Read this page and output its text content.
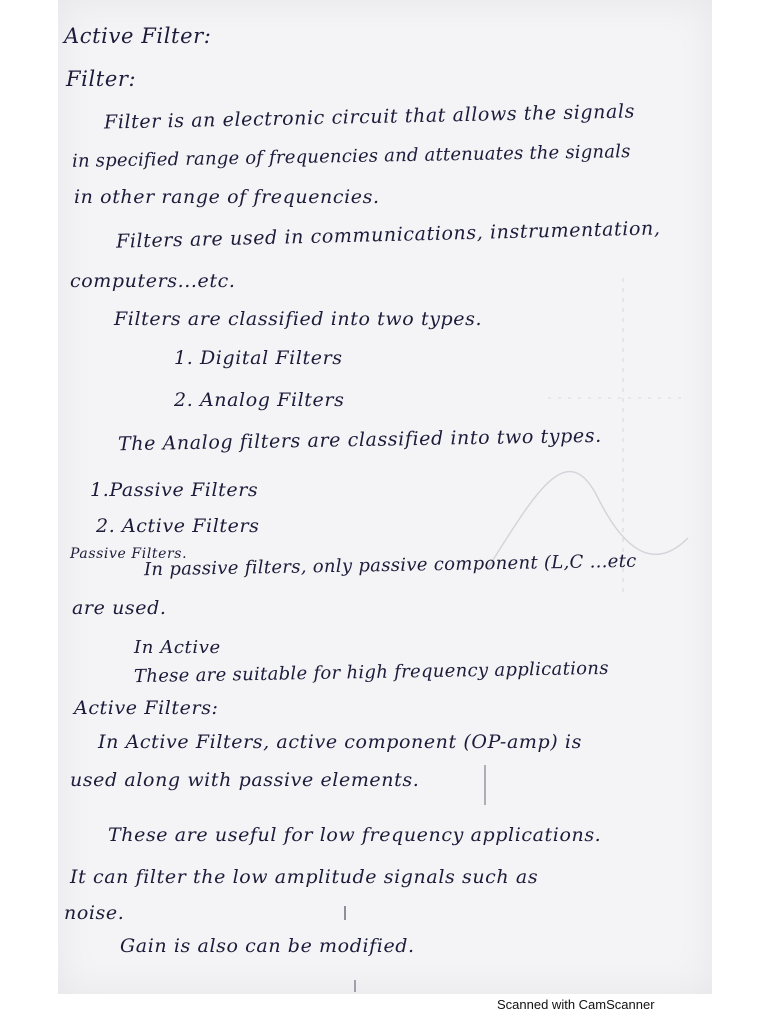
Active Filter:
Filter:
Filter is an electronic circuit that allows the signals
in specified range of frequencies and attenuates the signals
in other range of frequencies.
Filters are used in communications, instrumentation,
computers...etc.
Filters are classified into two types.
1. Digital Filters
2. Analog Filters
The Analog filters are classified into two types.
1.Passive Filters
2. Active Filters
Passive Filters.
In passive filters, only passive component (L,C ...etc
are used.
In Active
These are suitable for high frequency applications
Active Filters:
In Active Filters, active component (OP-amp) is
used along with passive elements.
These are useful for low frequency applications.
It can filter the low amplitude signals such as
noise.
Gain is also can be modified.
Scanned with CamScanner
